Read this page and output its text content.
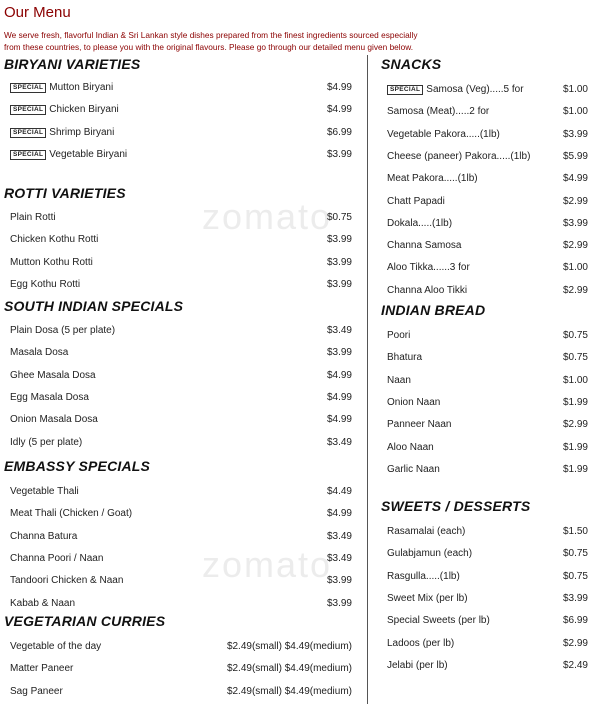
Our Menu
We serve fresh, flavorful Indian & Sri Lankan style dishes prepared from the finest ingredients sourced especially
from these countries, to please you with the original flavours. Please go through our detailed menu given below.
zomato
zomato
BIRYANI VARIETIES
SPECIAL Mutton Biryani	$4.99
SPECIAL Chicken Biryani	$4.99
SPECIAL Shrimp Biryani	$6.99
SPECIAL Vegetable Biryani	$3.99
ROTTI VARIETIES
Plain Rotti	$0.75
Chicken Kothu Rotti	$3.99
Mutton Kothu Rotti	$3.99
Egg Kothu Rotti	$3.99
SOUTH INDIAN SPECIALS
Plain Dosa (5 per plate)	$3.49
Masala Dosa	$3.99
Ghee Masala Dosa	$4.99
Egg Masala Dosa	$4.99
Onion Masala Dosa	$4.99
Idly (5 per plate)	$3.49
EMBASSY SPECIALS
Vegetable Thali	$4.49
Meat Thali (Chicken / Goat)	$4.99
Channa Batura	$3.49
Channa Poori / Naan	$3.49
Tandoori Chicken & Naan	$3.99
Kabab & Naan	$3.99
VEGETARIAN CURRIES
Vegetable of the day	$2.49(small) $4.49(medium)
Matter Paneer	$2.49(small) $4.49(medium)
Sag Paneer	$2.49(small) $4.49(medium)
SNACKS
SPECIAL Samosa (Veg).....5 for	$1.00
Samosa (Meat).....2 for	$1.00
Vegetable Pakora.....(1lb)	$3.99
Cheese (paneer) Pakora.....(1lb)	$5.99
Meat Pakora.....(1lb)	$4.99
Chatt Papadi	$2.99
Dokala.....(1lb)	$3.99
Channa Samosa	$2.99
Aloo Tikka......3 for	$1.00
Channa Aloo Tikki	$2.99
INDIAN BREAD
Poori	$0.75
Bhatura	$0.75
Naan	$1.00
Onion Naan	$1.99
Panneer Naan	$2.99
Aloo Naan	$1.99
Garlic Naan	$1.99
SWEETS / DESSERTS
Rasamalai (each)	$1.50
Gulabjamun (each)	$0.75
Rasgulla.....(1lb)	$0.75
Sweet Mix (per lb)	$3.99
Special Sweets (per lb)	$6.99
Ladoos (per lb)	$2.99
Jelabi (per lb)	$2.49
